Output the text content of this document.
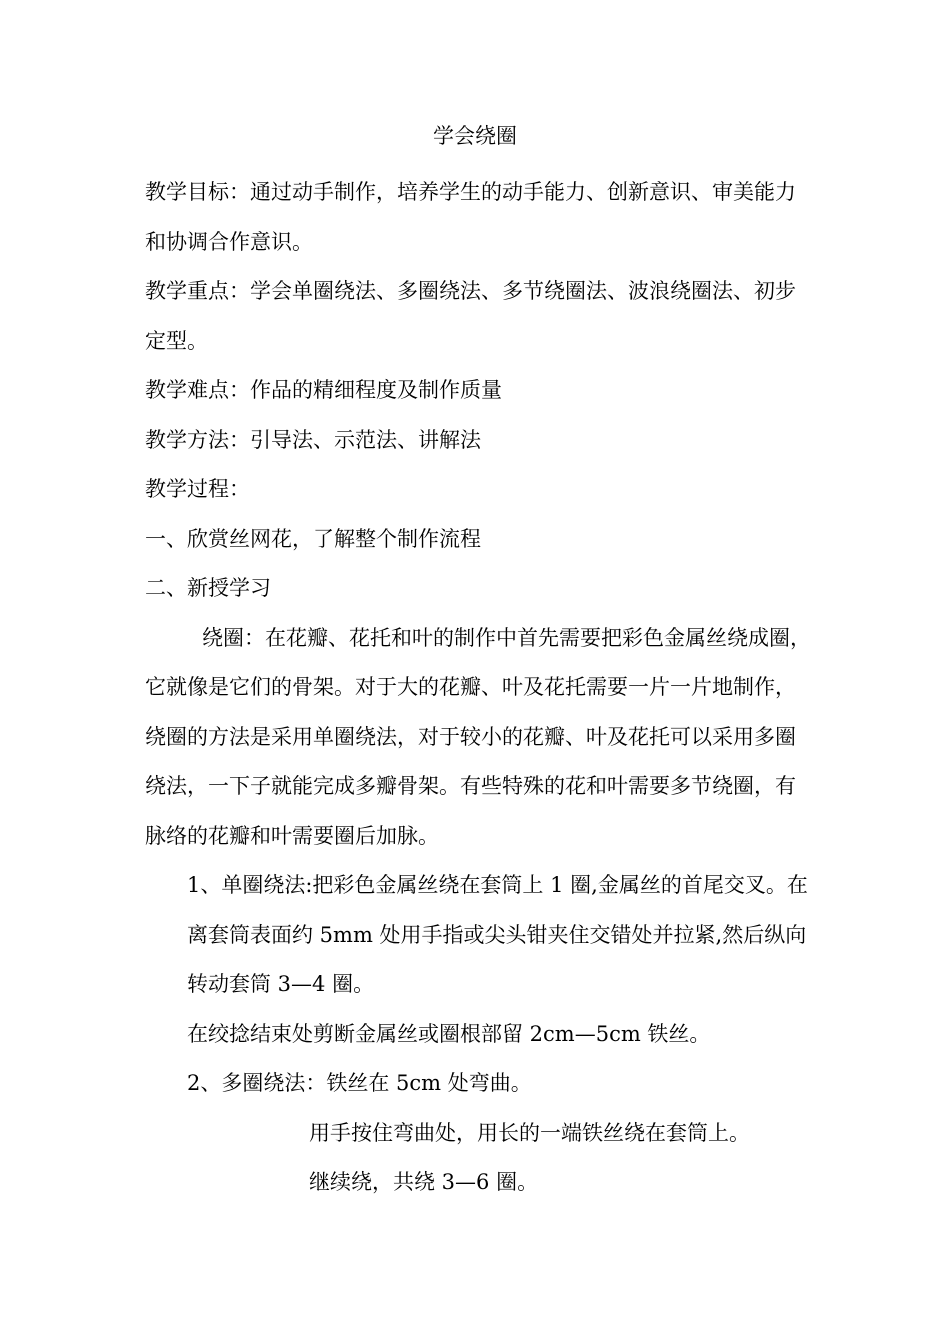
学会绕圈

教学目标：通过动手制作，培养学生的动手能力、创新意识、审美能力和协调合作意识。

教学重点：学会单圈绕法、多圈绕法、多节绕圈法、波浪绕圈法、初步定型。

教学难点：作品的精细程度及制作质量

教学方法：引导法、示范法、讲解法

教学过程：

一、欣赏丝网花，了解整个制作流程

二、新授学习

绕圈：在花瓣、花托和叶的制作中首先需要把彩色金属丝绕成圈，它就像是它们的骨架。对于大的花瓣、叶及花托需要一片一片地制作，绕圈的方法是采用单圈绕法，对于较小的花瓣、叶及花托可以采用多圈绕法，一下子就能完成多瓣骨架。有些特殊的花和叶需要多节绕圈，有脉络的花瓣和叶需要圈后加脉。

1、单圈绕法:把彩色金属丝绕在套筒上 1 圈,金属丝的首尾交叉。在离套筒表面约 5mm 处用手指或尖头钳夹住交错处并拉紧,然后纵向转动套筒 3—4 圈。

在绞捻结束处剪断金属丝或圈根部留 2cm—5cm 铁丝。

2、多圈绕法：铁丝在 5cm 处弯曲。

用手按住弯曲处，用长的一端铁丝绕在套筒上。

继续绕，共绕 3—6 圈。
